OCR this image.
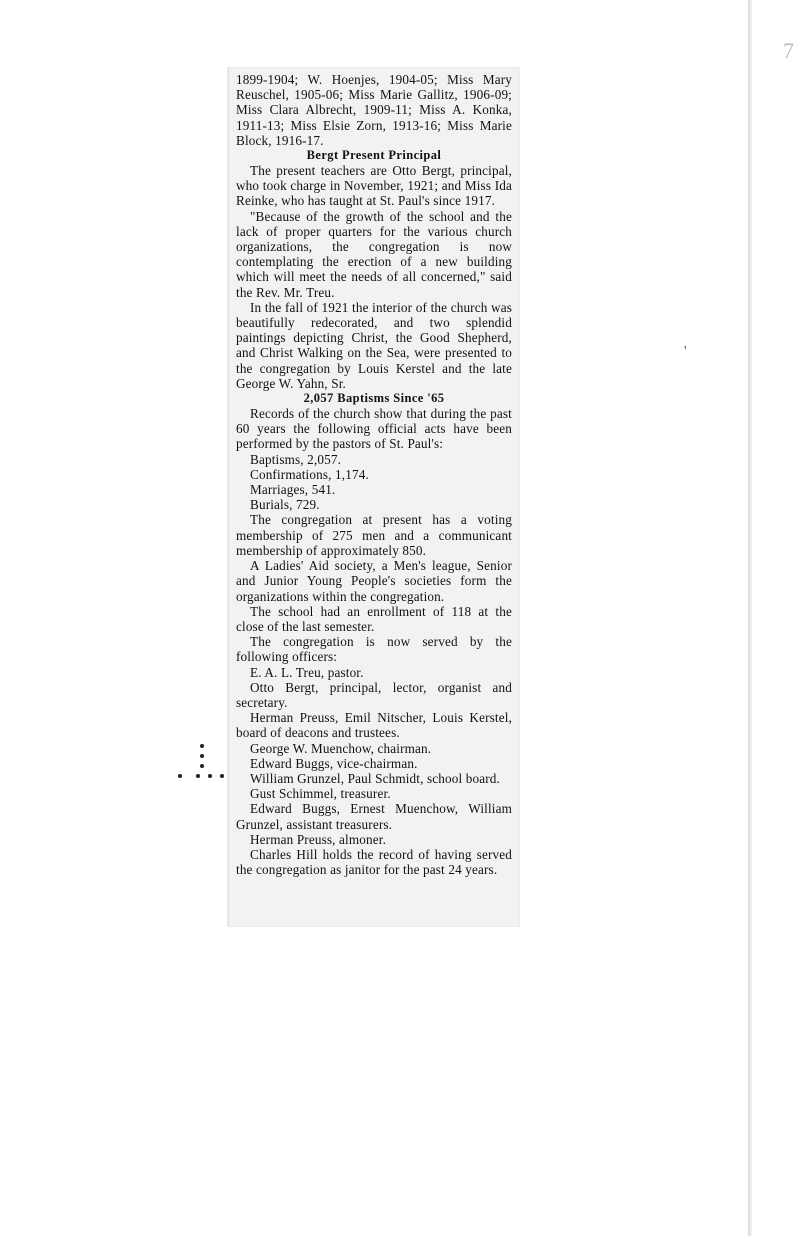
7
'

1899-1904; W. Hoenjes, 1904-05; Miss Mary Reuschel, 1905-06; Miss Marie Gallitz, 1906-09; Miss Clara Albrecht, 1909-11; Miss A. Konka, 1911-13; Miss Elsie Zorn, 1913-16; Miss Marie Block, 1916-17.

Bergt Present Principal

The present teachers are Otto Bergt, principal, who took charge in November, 1921; and Miss Ida Reinke, who has taught at St. Paul's since 1917.

"Because of the growth of the school and the lack of proper quarters for the various church organizations, the congregation is now contemplating the erection of a new building which will meet the needs of all concerned," said the Rev. Mr. Treu.

In the fall of 1921 the interior of the church was beautifully redecorated, and two splendid paintings depicting Christ, the Good Shepherd, and Christ Walking on the Sea, were presented to the congregation by Louis Kerstel and the late George W. Yahn, Sr.

2,057 Baptisms Since '65

Records of the church show that during the past 60 years the following official acts have been performed by the pastors of St. Paul's:

Baptisms, 2,057.

Confirmations, 1,174.

Marriages, 541.

Burials, 729.

The congregation at present has a voting membership of 275 men and a communicant membership of approximately 850.

A Ladies' Aid society, a Men's league, Senior and Junior Young People's societies form the organizations within the congregation.

The school had an enrollment of 118 at the close of the last semester.

The congregation is now served by the following officers:

E. A. L. Treu, pastor.

Otto Bergt, principal, lector, organist and secretary.

Herman Preuss, Emil Nitscher, Louis Kerstel, board of deacons and trustees.

George W. Muenchow, chairman.

Edward Buggs, vice-chairman.

William Grunzel, Paul Schmidt, school board.

Gust Schimmel, treasurer.

Edward Buggs, Ernest Muenchow, William Grunzel, assistant treasurers.

Herman Preuss, almoner.

Charles Hill holds the record of having served the congregation as janitor for the past 24 years.
